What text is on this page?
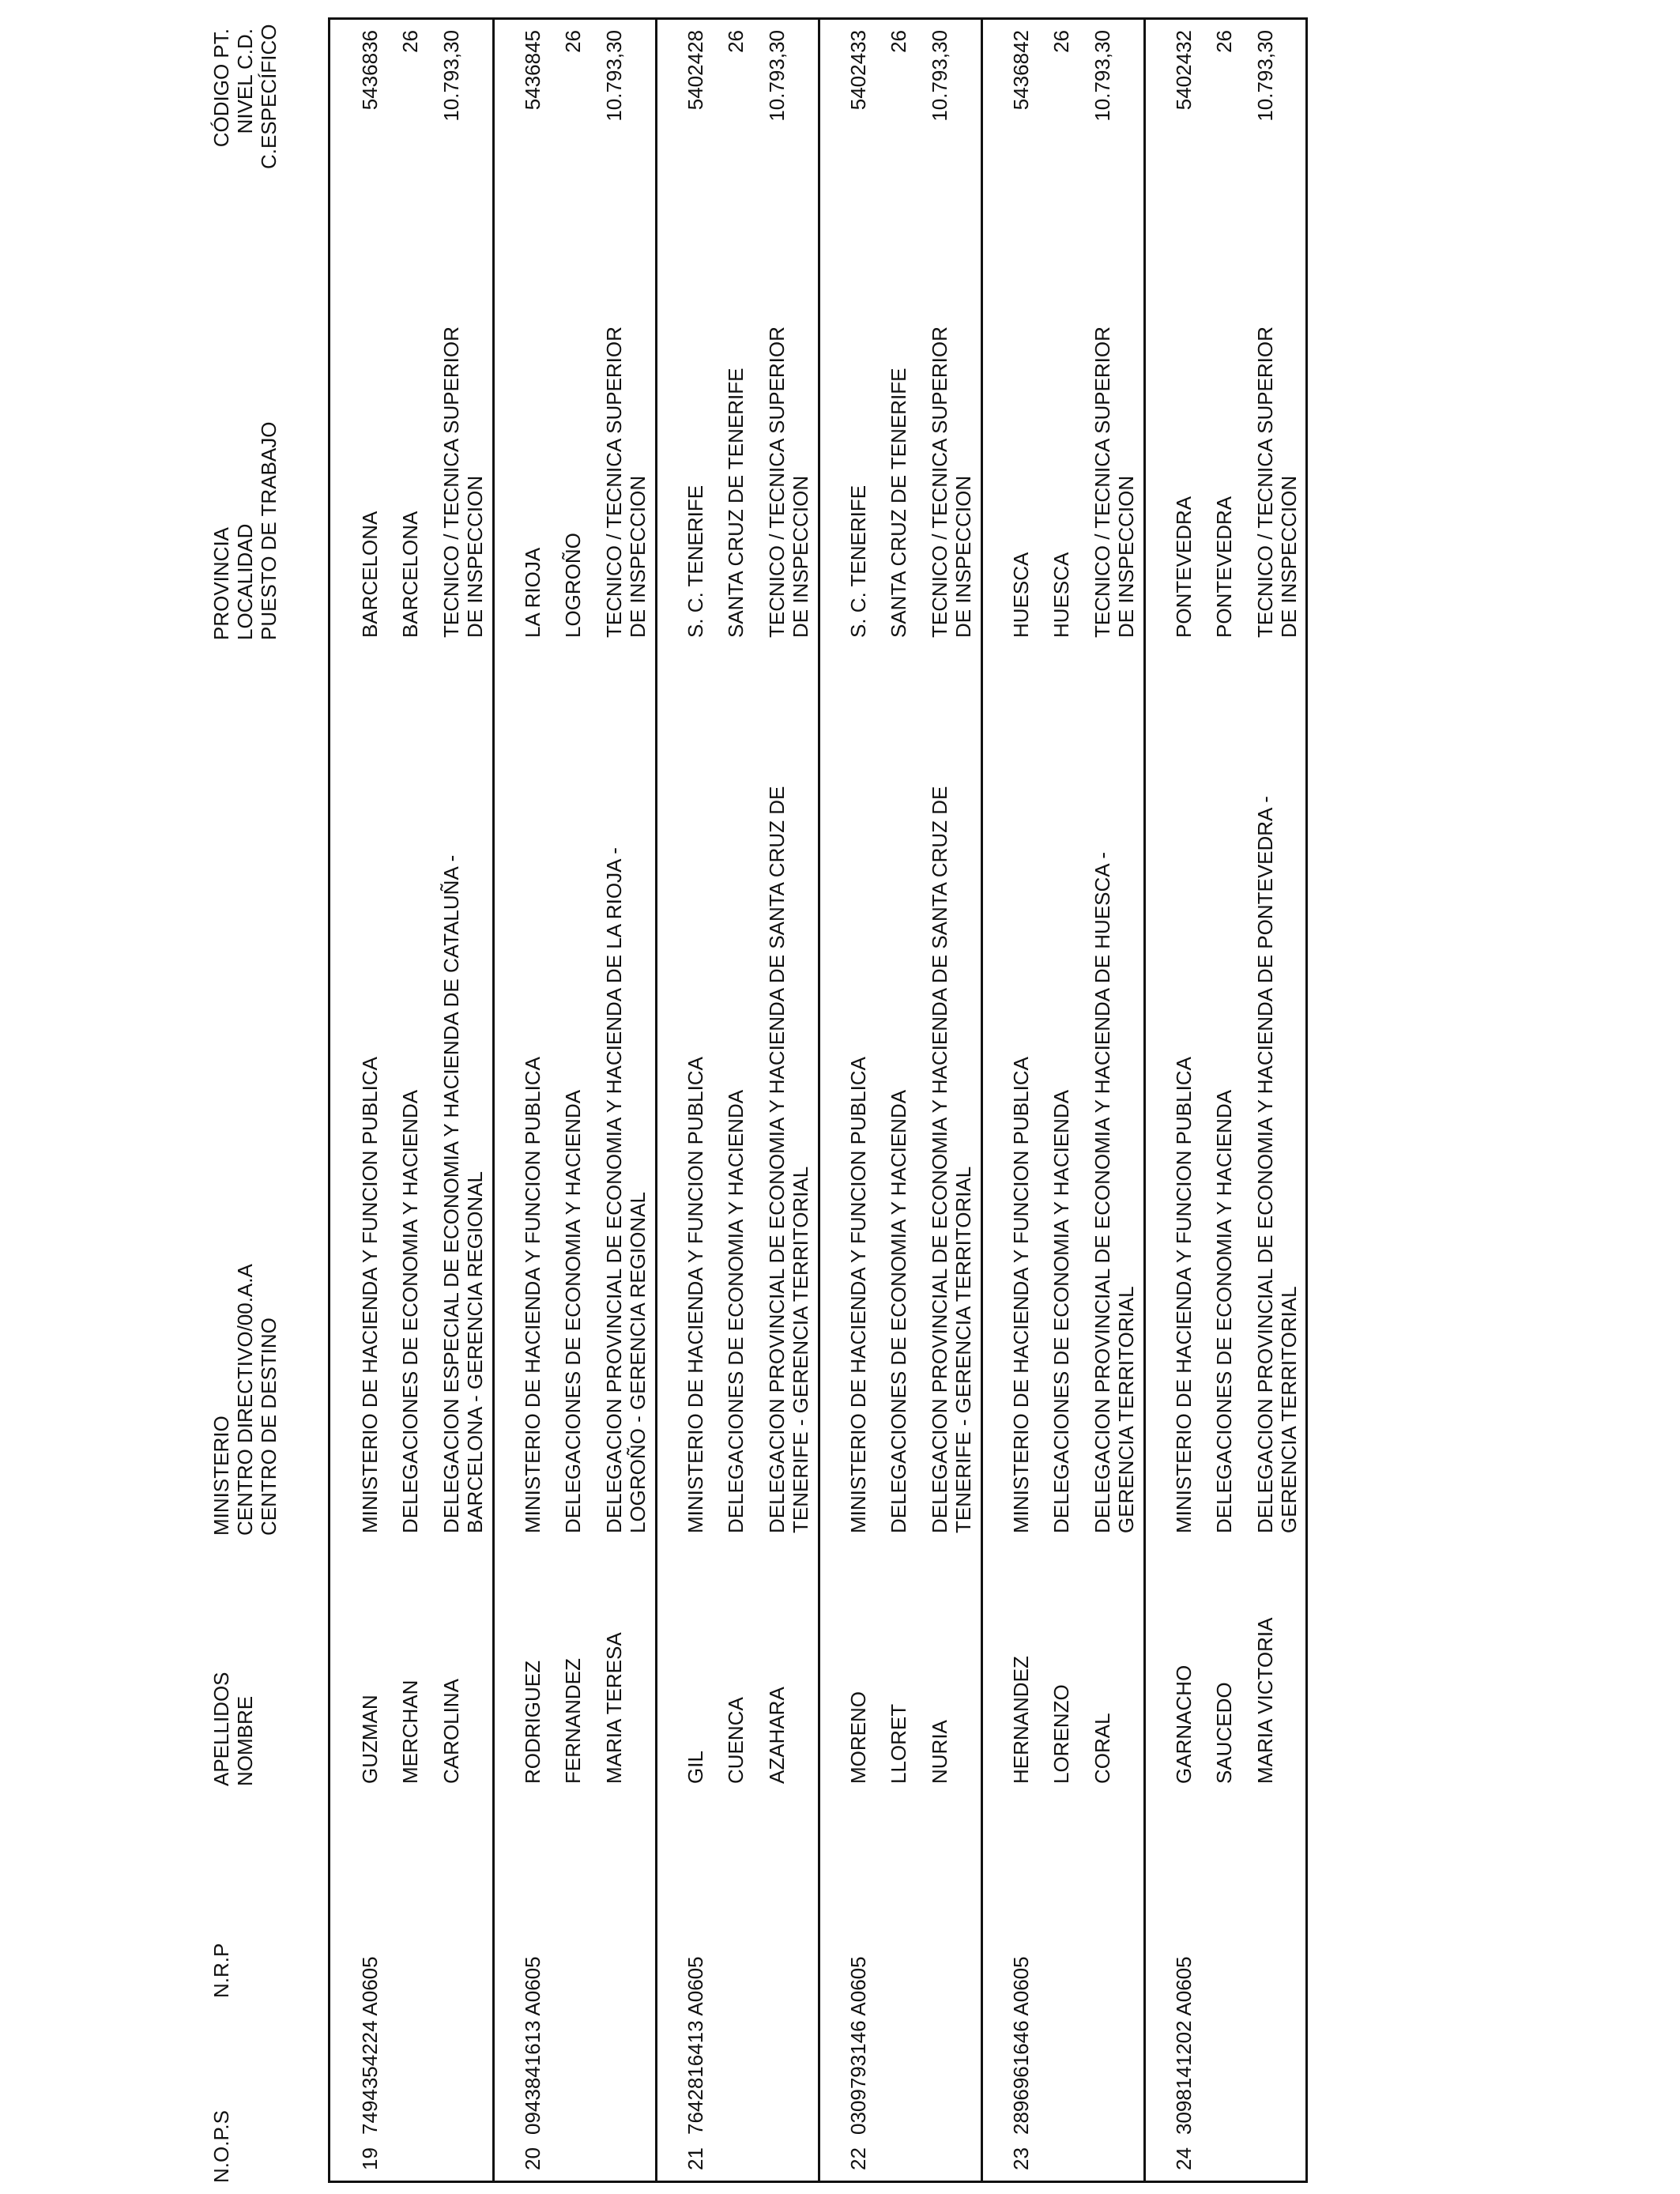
N.O.P.S
N.R.P
APELLIDOS NOMBRE
MINISTERIO CENTRO DIRECTIVO/00.A.A CENTRO DE DESTINO
PROVINCIA LOCALIDAD PUESTO DE TRABAJO
CÓDIGO PT. NIVEL C.D. C.ESPECÍFICO
19
7494354224 A0605
GUZMAN MERCHAN CAROLINA
MINISTERIO DE HACIENDA Y FUNCION PUBLICA DELEGACIONES DE ECONOMIA Y HACIENDA DELEGACION ESPECIAL DE ECONOMIA Y HACIENDA DE CATALUÑA - BARCELONA - GERENCIA REGIONAL
BARCELONA BARCELONA TECNICO / TECNICA SUPERIOR DE INSPECCION
5436836 26 10.793,30
20
0943841613 A0605
RODRIGUEZ FERNANDEZ MARIA TERESA
MINISTERIO DE HACIENDA Y FUNCION PUBLICA DELEGACIONES DE ECONOMIA Y HACIENDA DELEGACION PROVINCIAL DE ECONOMIA Y HACIENDA DE LA RIOJA - LOGROÑO - GERENCIA REGIONAL
LA RIOJA LOGROÑO TECNICO / TECNICA SUPERIOR DE INSPECCION
5436845 26 10.793,30
21
7642816413 A0605
GIL CUENCA AZAHARA
MINISTERIO DE HACIENDA Y FUNCION PUBLICA DELEGACIONES DE ECONOMIA Y HACIENDA DELEGACION PROVINCIAL DE ECONOMIA Y HACIENDA DE SANTA CRUZ DE TENERIFE - GERENCIA TERRITORIAL
S. C. TENERIFE SANTA CRUZ DE TENERIFE TECNICO / TECNICA SUPERIOR DE INSPECCION
5402428 26 10.793,30
22
0309793146 A0605
MORENO LLORET NURIA
MINISTERIO DE HACIENDA Y FUNCION PUBLICA DELEGACIONES DE ECONOMIA Y HACIENDA DELEGACION PROVINCIAL DE ECONOMIA Y HACIENDA DE SANTA CRUZ DE TENERIFE - GERENCIA TERRITORIAL
S. C. TENERIFE SANTA CRUZ DE TENERIFE TECNICO / TECNICA SUPERIOR DE INSPECCION
5402433 26 10.793,30
23
2896961646 A0605
HERNANDEZ LORENZO CORAL
MINISTERIO DE HACIENDA Y FUNCION PUBLICA DELEGACIONES DE ECONOMIA Y HACIENDA DELEGACION PROVINCIAL DE ECONOMIA Y HACIENDA DE HUESCA - GERENCIA TERRITORIAL
HUESCA HUESCA TECNICO / TECNICA SUPERIOR DE INSPECCION
5436842 26 10.793,30
24
3098141202 A0605
GARNACHO SAUCEDO MARIA VICTORIA
MINISTERIO DE HACIENDA Y FUNCION PUBLICA DELEGACIONES DE ECONOMIA Y HACIENDA DELEGACION PROVINCIAL DE ECONOMIA Y HACIENDA DE PONTEVEDRA - GERENCIA TERRITORIAL
PONTEVEDRA PONTEVEDRA TECNICO / TECNICA SUPERIOR DE INSPECCION
5402432 26 10.793,30
